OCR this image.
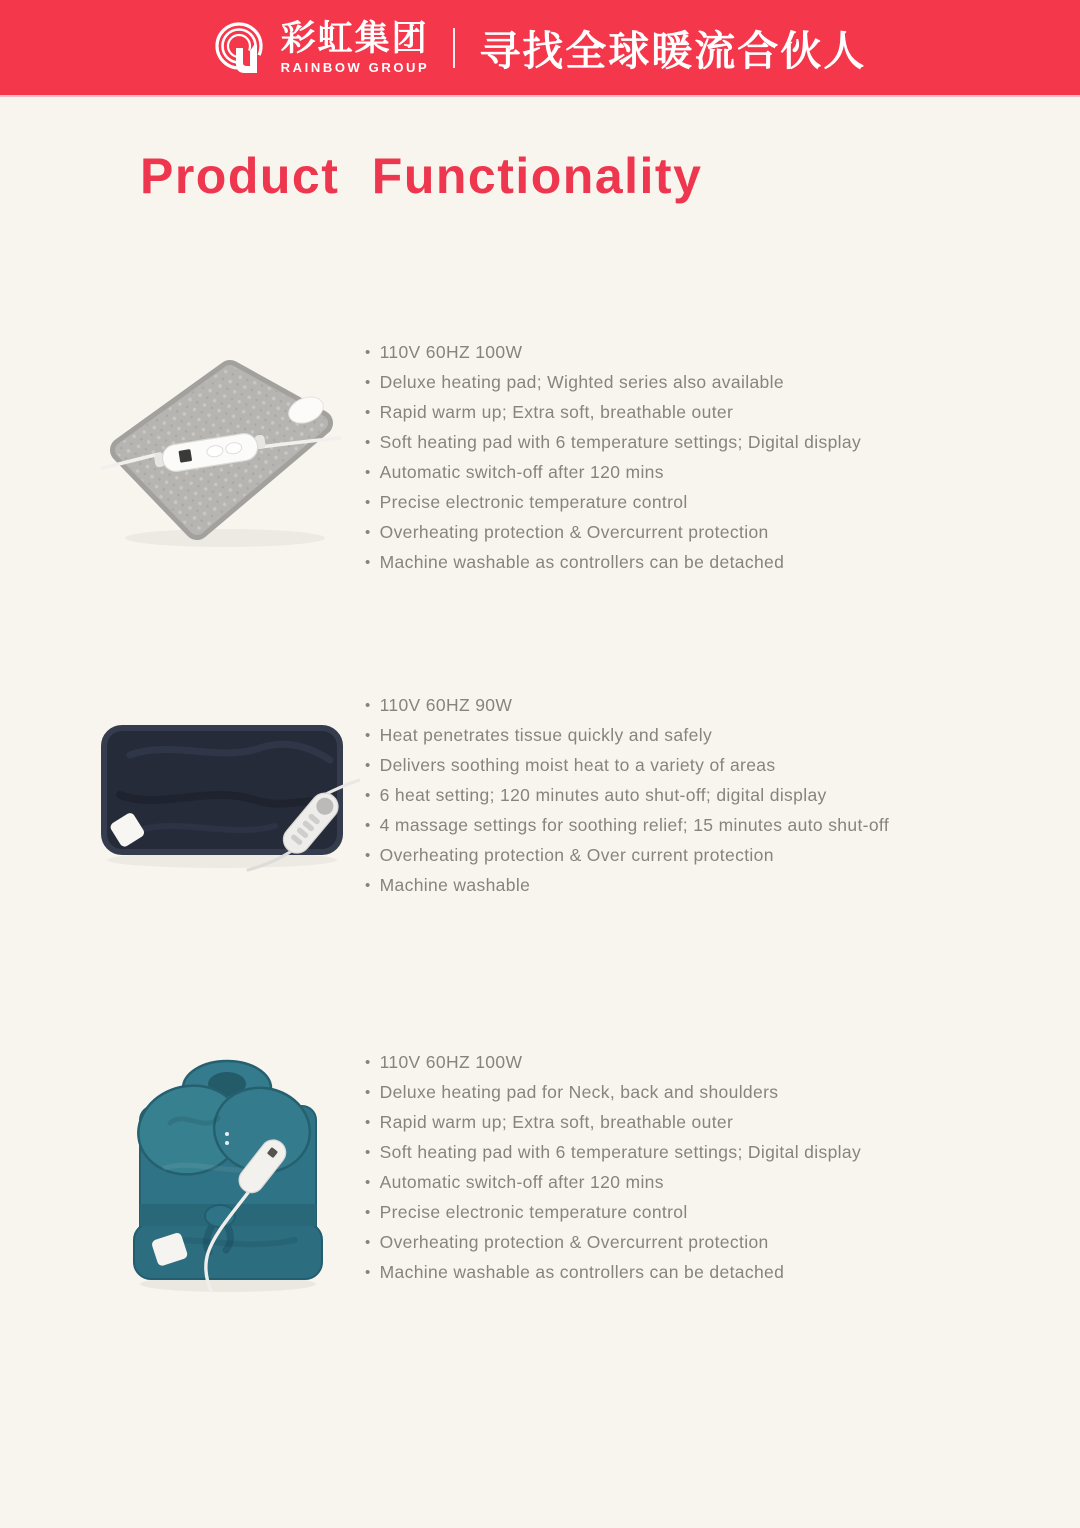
彩虹集团
RAINBOW GROUP 寻找全球暖流合伙人
Product Functionality
• 110V 60HZ 100W
• Deluxe heating pad; Wighted series also available
• Rapid warm up; Extra soft, breathable outer
• Soft heating pad with 6 temperature settings; Digital display
• Automatic switch-off after 120 mins
• Precise electronic temperature control
• Overheating protection & Overcurrent protection
• Machine washable as controllers can be detached
• 110V 60HZ 90W
• Heat penetrates tissue quickly and safely
• Delivers soothing moist heat to a variety of areas
• 6 heat setting; 120 minutes auto shut-off; digital display
• 4 massage settings for soothing relief; 15 minutes auto shut-off
• Overheating protection & Over current protection
• Machine washable
• 110V 60HZ 100W
• Deluxe heating pad for Neck, back and shoulders
• Rapid warm up; Extra soft, breathable outer
• Soft heating pad with 6 temperature settings; Digital display
• Automatic switch-off after 120 mins
• Precise electronic temperature control
• Overheating protection & Overcurrent protection
• Machine washable as controllers can be detached
